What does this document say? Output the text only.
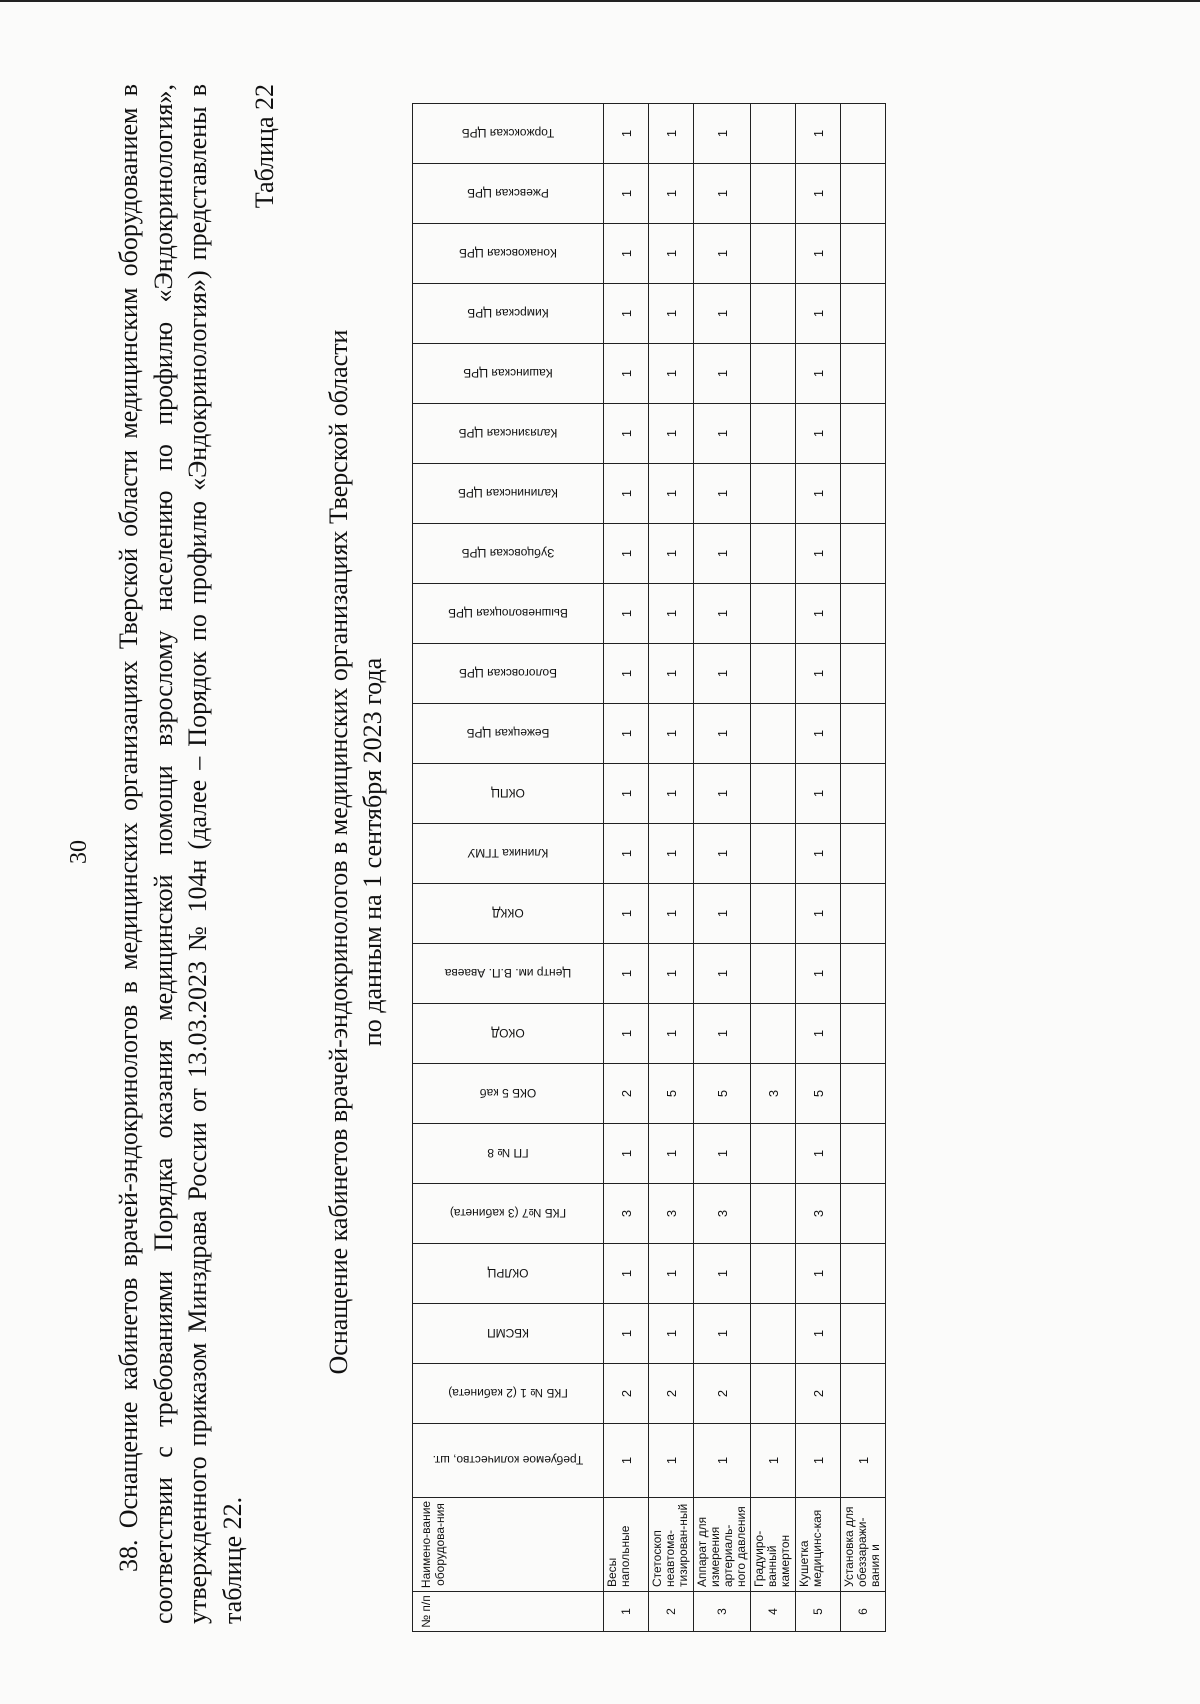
30 38. Оснащение кабинетов врачей-эндокринологов в медицинских организациях Тверской области медицинским оборудованием в соответствии с требованиями Порядка оказания медицинской помощи взрослому населению по профилю «Эндокринология», утвержденного приказом Минздрава России от 13.03.2023 № 104н (далее – Порядок по профилю «Эндокринология») представлены в таблице 22.

Таблица 22
Оснащение кабинетов врачей-эндокринологов в медицинских организациях Тверской области по данным на 1 сентября 2023 года
№ п/п	Наимено-вание оборудова-ния	Требуемое количество, шт.	ГКБ № 1 (2 кабинета)	КБСМП	ОКЛРЦ	ГКБ №7 (3 кабинета)	ГП № 8	ОКБ 5 каб	ОКОД	Центр им. В.П. Аваева	ОККД	Клиника ТГМУ	ОКПЦ	Бежецкая ЦРБ	Бологовская ЦРБ	Вышневолоцкая ЦРБ	Зубцовская ЦРБ	Калининская ЦРБ	Калязинская ЦРБ	Кашинская ЦРБ	Кимрская ЦРБ	Конаковская ЦРБ	Ржевская ЦРБ	Торжокская ЦРБ

1	Весы напольные	1	2	1	1	3	1	2	1	1	1	1	1	1	1	1	1	1	1	1	1	1	1	1
2	Стетоскоп неавтома-тизирован-ный	1	2	1	1	3	1	5	1	1	1	1	1	1	1	1	1	1	1	1	1	1	1	1
3	Аппарат для измерения артериаль-ного давления	1	2	1	1	3	1	5	1	1	1	1	1	1	1	1	1	1	1	1	1	1	1	1
4	Градуиро-ванный камертон	1						3																
5	Кушетка медицинс-кая	1	2	1	1	3	1	5	1	1	1	1	1	1	1	1	1	1	1	1	1	1	1	1
6	Установка для обеззаражи-вания и	1																						
